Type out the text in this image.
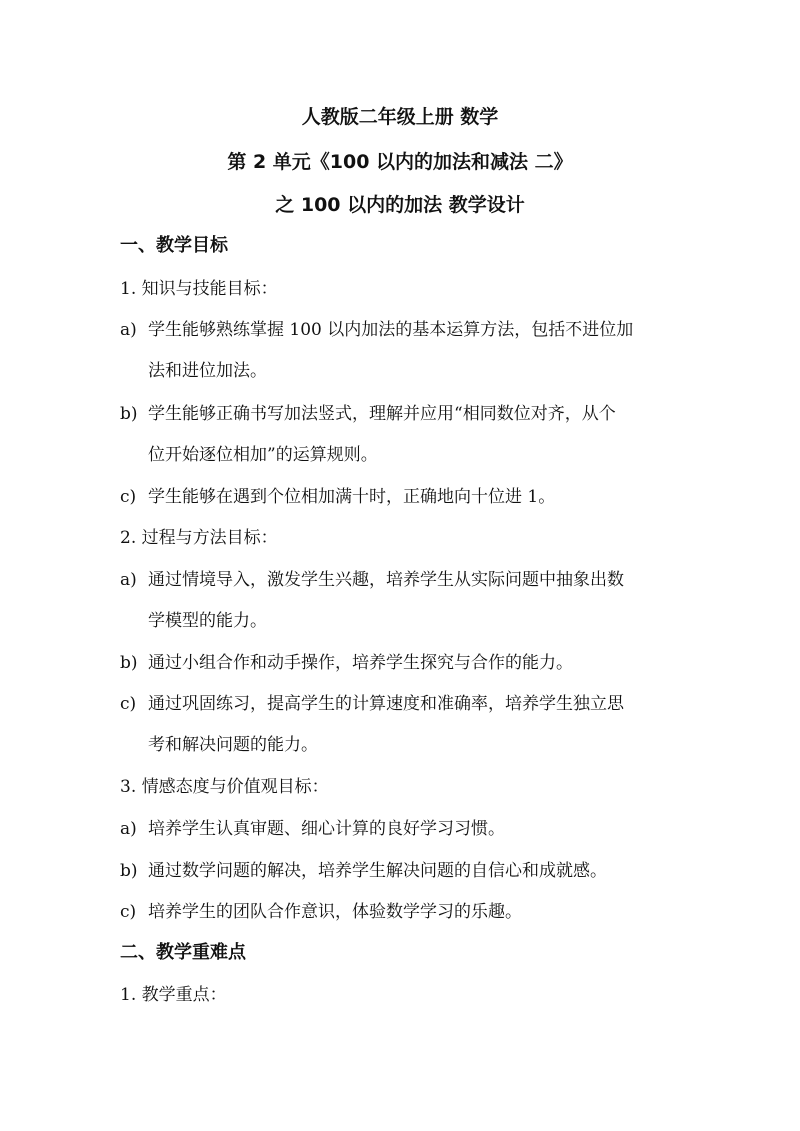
人教版二年级上册 数学
第 2 单元《100 以内的加法和减法 二》
之 100 以内的加法 教学设计
一、教学目标
1. 知识与技能目标：
a) 学生能够熟练掌握 100 以内加法的基本运算方法，包括不进位加
法和进位加法。
b) 学生能够正确书写加法竖式，理解并应用“相同数位对齐，从个
位开始逐位相加”的运算规则。
c) 学生能够在遇到个位相加满十时，正确地向十位进 1。
2. 过程与方法目标：
a) 通过情境导入，激发学生兴趣，培养学生从实际问题中抽象出数
学模型的能力。
b) 通过小组合作和动手操作，培养学生探究与合作的能力。
c) 通过巩固练习，提高学生的计算速度和准确率，培养学生独立思
考和解决问题的能力。
3. 情感态度与价值观目标：
a) 培养学生认真审题、细心计算的良好学习习惯。
b) 通过数学问题的解决，培养学生解决问题的自信心和成就感。
c) 培养学生的团队合作意识，体验数学学习的乐趣。
二、教学重难点
1. 教学重点：
